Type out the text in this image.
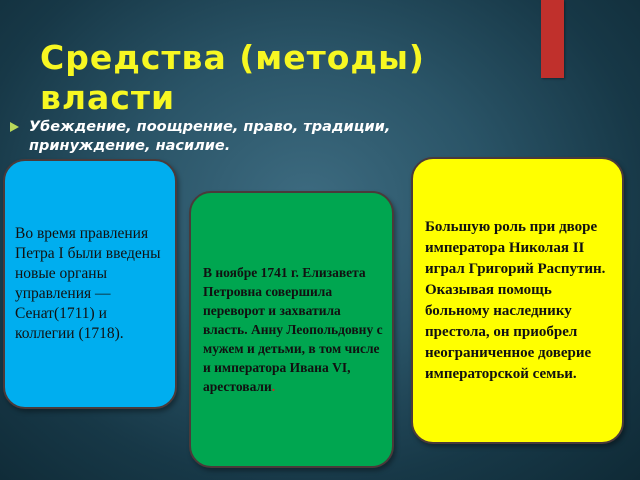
Средства (методы) власти
Убеждение, поощрение, право, традиции, принуждение, насилие.
Во время правления Петра I были введены новые органы управления — Сенат(1711) и коллегии (1718).
В ноябре 1741 г. Елизавета Петровна совершила переворот и захватила власть. Анну Леопольдовну с мужем и детьми, в том числе и императора Ивана VI, арестовали.
Большую роль при дворе императора Николая II играл Григорий Распутин. Оказывая помощь больному наследнику престола, он приобрел неограниченное доверие императорской семьи.
